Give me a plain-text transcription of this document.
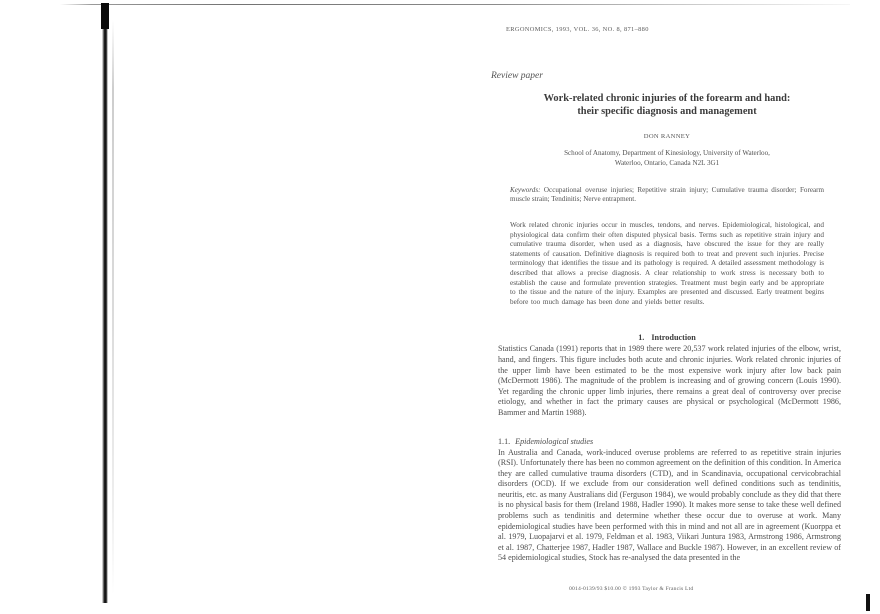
ERGONOMICS, 1993, VOL. 36, NO. 8, 871–880
Review paper
Work-related chronic injuries of the forearm and hand:
their specific diagnosis and management
DON RANNEY
School of Anatomy, Department of Kinesiology, University of Waterloo,
Waterloo, Ontario, Canada N2L 3G1
Keywords: Occupational overuse injuries; Repetitive strain injury; Cumulative trauma disorder; Forearm muscle strain; Tendinitis; Nerve entrapment.
Work related chronic injuries occur in muscles, tendons, and nerves. Epidemiological, histological, and physiological data confirm their often disputed physical basis. Terms such as repetitive strain injury and cumulative trauma disorder, when used as a diagnosis, have obscured the issue for they are really statements of causation. Definitive diagnosis is required both to treat and prevent such injuries. Precise terminology that identifies the tissue and its pathology is required. A detailed assessment methodology is described that allows a precise diagnosis. A clear relationship to work stress is necessary both to establish the cause and formulate prevention strategies. Treatment must begin early and be appropriate to the tissue and the nature of the injury. Examples are presented and discussed. Early treatment begins before too much damage has been done and yields better results.
1. Introduction
Statistics Canada (1991) reports that in 1989 there were 20,537 work related injuries of the elbow, wrist, hand, and fingers. This figure includes both acute and chronic injuries. Work related chronic injuries of the upper limb have been estimated to be the most expensive work injury after low back pain (McDermott 1986). The magnitude of the problem is increasing and of growing concern (Louis 1990). Yet regarding the chronic upper limb injuries, there remains a great deal of controversy over precise etiology, and whether in fact the primary causes are physical or psychological (McDermott 1986, Bammer and Martin 1988).
1.1. Epidemiological studies
In Australia and Canada, work-induced overuse problems are referred to as repetitive strain injuries (RSI). Unfortunately there has been no common agreement on the definition of this condition. In America they are called cumulative trauma disorders (CTD), and in Scandinavia, occupational cervicobrachial disorders (OCD). If we exclude from our consideration well defined conditions such as tendinitis, neuritis, etc. as many Australians did (Ferguson 1984), we would probably conclude as they did that there is no physical basis for them (Ireland 1988, Hadler 1990). It makes more sense to take these well defined problems such as tendinitis and determine whether these occur due to overuse at work. Many epidemiological studies have been performed with this in mind and not all are in agreement (Kuorppa et al. 1979, Luopajarvi et al. 1979, Feldman et al. 1983, Viikari Juntura 1983, Armstrong 1986, Armstrong et al. 1987, Chatterjee 1987, Hadler 1987, Wallace and Buckle 1987). However, in an excellent review of 54 epidemiological studies, Stock has re-analysed the data presented in the
0014-0139/93 $10.00 © 1993 Taylor & Francis Ltd
